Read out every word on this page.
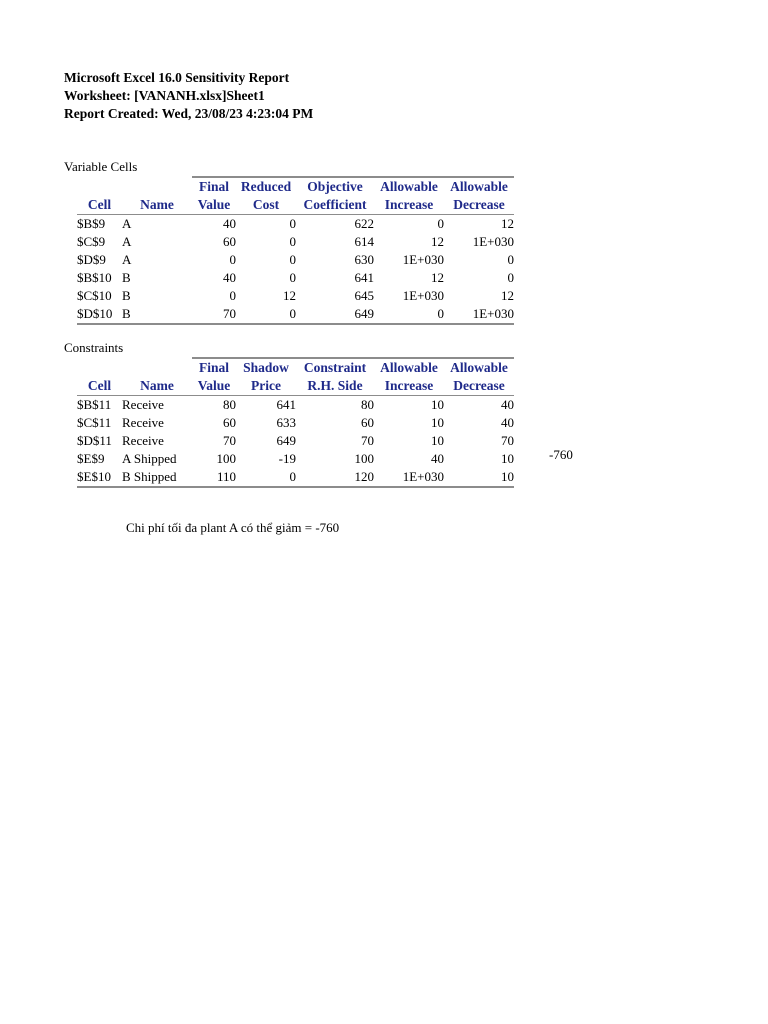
Microsoft Excel 16.0 Sensitivity Report
Worksheet: [VANANH.xlsx]Sheet1
Report Created: Wed, 23/08/23 4:23:04 PM
Variable Cells
		Final	Reduced	Objective	Allowable	Allowable
Cell	Name	Value	Cost	Coefficient	Increase	Decrease
$B$9	A	40	0	622	0	12
$C$9	A	60	0	614	12	1E+030
$D$9	A	0	0	630	1E+030	0
$B$10	B	40	0	641	12	0
$C$10	B	0	12	645	1E+030	12
$D$10	B	70	0	649	0	1E+030
Constraints
		Final	Shadow	Constraint	Allowable	Allowable
Cell	Name	Value	Price	R.H. Side	Increase	Decrease
$B$11	Receive	80	641	80	10	40
$C$11	Receive	60	633	60	10	40
$D$11	Receive	70	649	70	10	70
$E$9	A Shipped	100	-19	100	40	10
$E$10	B Shipped	110	0	120	1E+030	10
-760
Chi phí tối đa plant A có thể giảm = -760
